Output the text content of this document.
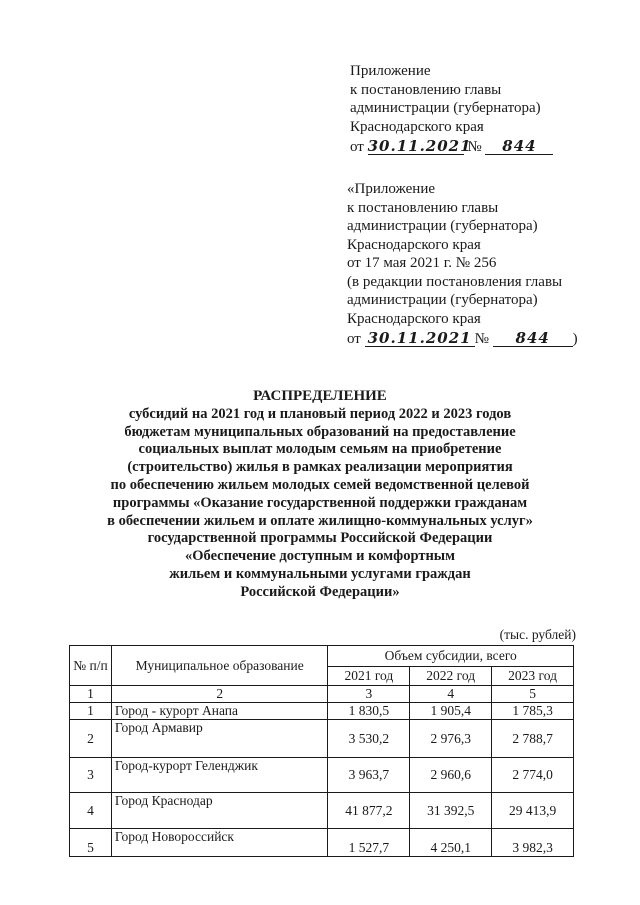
Приложение
к постановлению главы
администрации (губернатора)
Краснодарского края
от 30.11.2021 № 844
«Приложение
к постановлению главы
администрации (губернатора)
Краснодарского края
от 17 мая 2021 г. № 256
(в редакции постановления главы
администрации (губернатора)
Краснодарского края
от 30.11.2021 № 844 )
РАСПРЕДЕЛЕНИЕ
субсидий на 2021 год и плановый период 2022 и 2023 годов
бюджетам муниципальных образований на предоставление
социальных выплат молодым семьям на приобретение
(строительство) жилья в рамках реализации мероприятия
по обеспечению жильем молодых семей ведомственной целевой
программы «Оказание государственной поддержки гражданам
в обеспечении жильем и оплате жилищно-коммунальных услуг»
государственной программы Российской Федерации
«Обеспечение доступным и комфортным
жильем и коммунальными услугами граждан
Российской Федерации»
(тыс. рублей)
№ п/п	Муниципальное образование	Объем субсидии, всего		
		2021 год	2022 год	2023 год
1	2	3	4	5
1	Город - курорт Анапа	1 830,5	1 905,4	1 785,3
2	Город Армавир	3 530,2	2 976,3	2 788,7
3	Город-курорт Геленджик	3 963,7	2 960,6	2 774,0
4	Город Краснодар	41 877,2	31 392,5	29 413,9
5	Город Новороссийск	1 527,7	4 250,1	3 982,3
